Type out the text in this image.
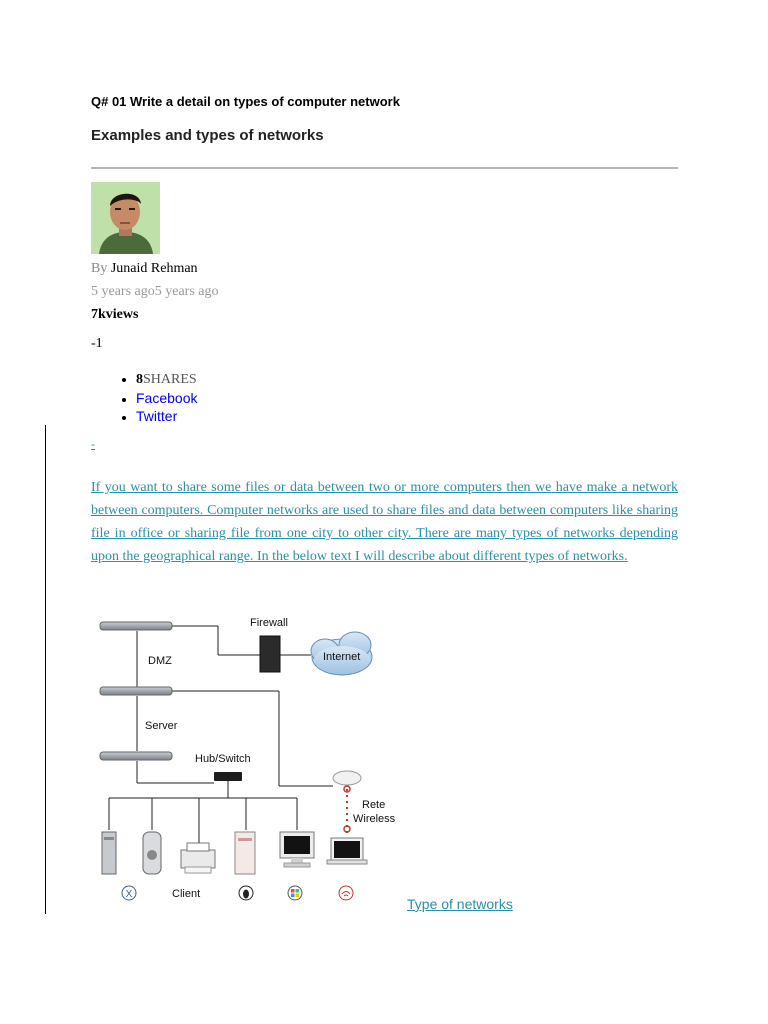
Q# 01 Write a detail on types of computer network
Examples and types of networks
By Junaid Rehman
5 years ago5 years ago
7kviews
-1
• 8SHARES
• Facebook
• Twitter
-
If you want to share some files or data between two or more computers then we have make a network between computers. Computer networks are used to share files and data between computers like sharing file in office or sharing file from one city to other city. There are many types of networks depending upon the geographical range. In the below text I will describe about different types of networks.
X
Firewall
Internet
DMZ
Server
Hub/Switch
Rete
Wireless
Client
Type of networks
